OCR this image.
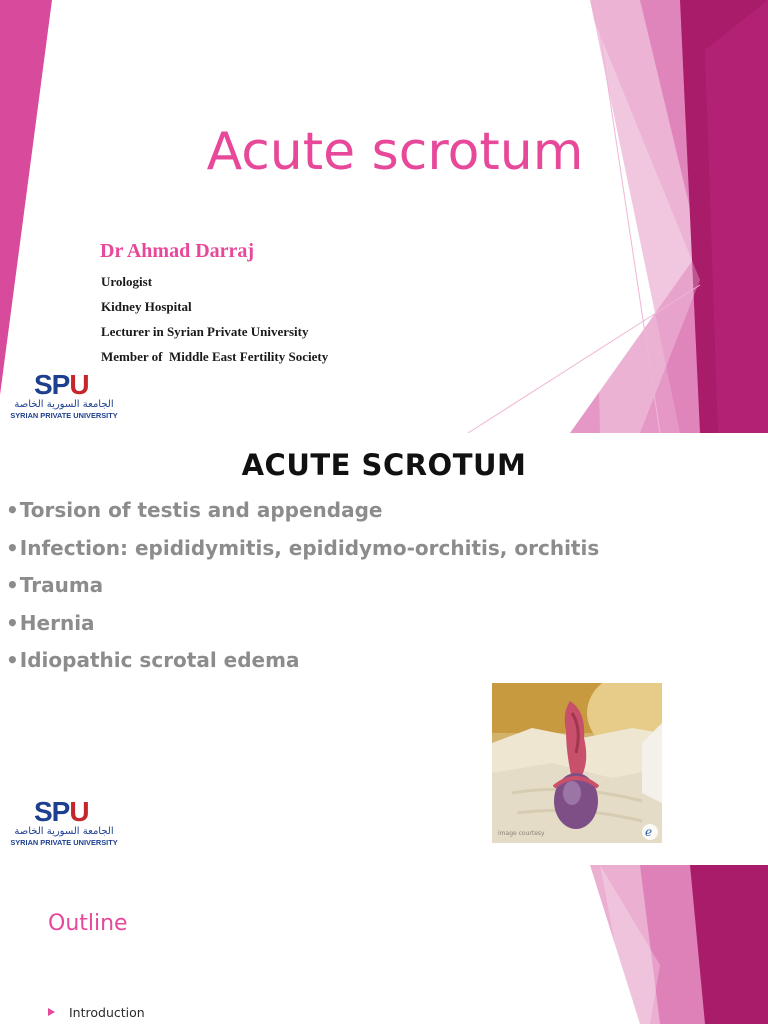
Acute scrotum
Dr Ahmad Darraj
Urologist
Kidney Hospital
Lecturer in Syrian Private University
Member of  Middle East Fertility Society
SPU
الجامعة السورية الخاصة
SYRIAN PRIVATE UNIVERSITY
ACUTE SCROTUM
• Torsion of testis and appendage
• Infection: epididymitis, epididymo-orchitis, orchitis
• Trauma
• Hernia
• Idiopathic scrotal edema
image courtesy	e
SPU
الجامعة السورية الخاصة
SYRIAN PRIVATE UNIVERSITY
Outline
Introduction
